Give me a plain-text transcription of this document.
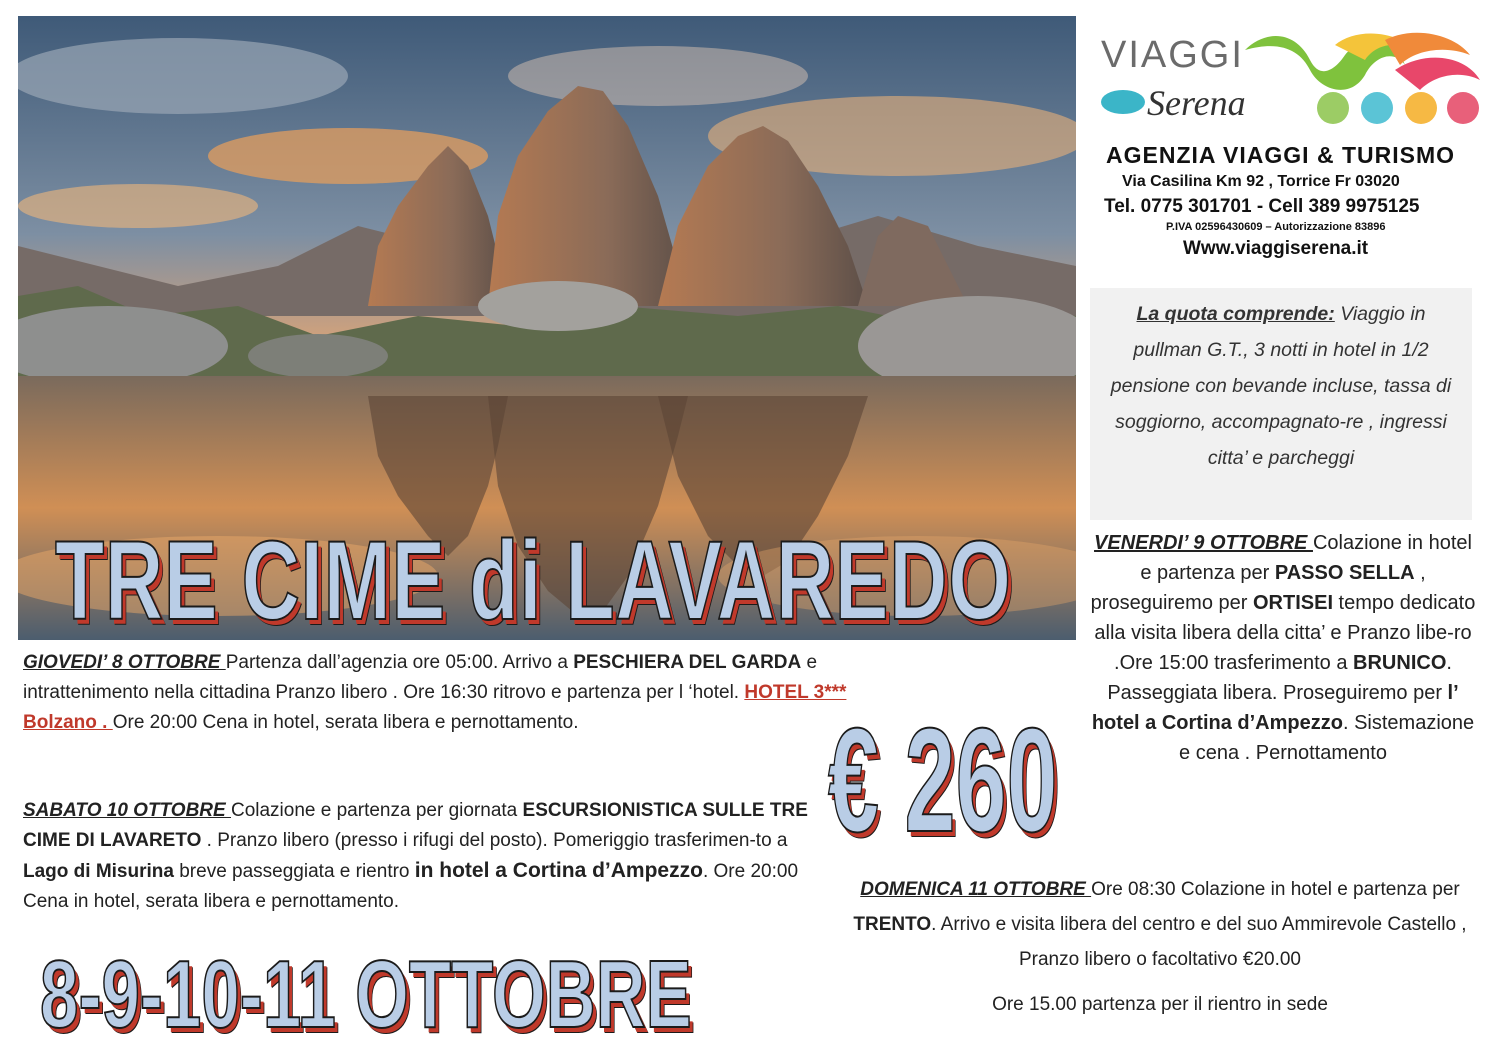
TRE CIME di LAVAREDO
VIAGGI
Serena
AGENZIA VIAGGI & TURISMO
Via Casilina Km 92 , Torrice Fr 03020
Tel. 0775 301701 - Cell 389 9975125
P.IVA 02596430609 – Autorizzazione 83896
Www.viaggiserena.it
La quota comprende: Viaggio in pullman G.T., 3 notti in hotel in 1/2 pensione con bevande incluse, tassa di soggiorno, accompagnato-re , ingressi citta’ e parcheggi
GIOVEDI’ 8 OTTOBRE Partenza dall’agenzia ore 05:00. Arrivo a PESCHIERA DEL GARDA e intrattenimento nella cittadina Pranzo libero . Ore 16:30 ritrovo e partenza per l ‘hotel. HOTEL 3*** Bolzano . Ore 20:00 Cena in hotel, serata libera e pernottamento.
SABATO 10 OTTOBRE Colazione e partenza per giornata ESCURSIONISTICA SULLE TRE CIME DI LAVARETO . Pranzo libero (presso i rifugi del posto). Pomeriggio trasferimen-to a Lago di Misurina breve passeggiata e rientro in hotel a Cortina d’Ampezzo. Ore 20:00 Cena in hotel, serata libera e pernottamento.
VENERDI’ 9 OTTOBRE Colazione in hotel e partenza per PASSO SELLA , proseguiremo per ORTISEI tempo dedicato alla visita libera della citta’ e Pranzo libe-ro .Ore 15:00 trasferimento a BRUNICO. Passeggiata libera. Proseguiremo per l’ hotel a Cortina d’Ampezzo. Sistemazione e cena . Pernottamento
DOMENICA 11 OTTOBRE Ore 08:30 Colazione in hotel e partenza per TRENTO. Arrivo e visita libera del centro e del suo Ammirevole Castello , Pranzo libero o facoltativo €20.00
Ore 15.00 partenza per il rientro in sede
€ 260
8-9-10-11 OTTOBRE
